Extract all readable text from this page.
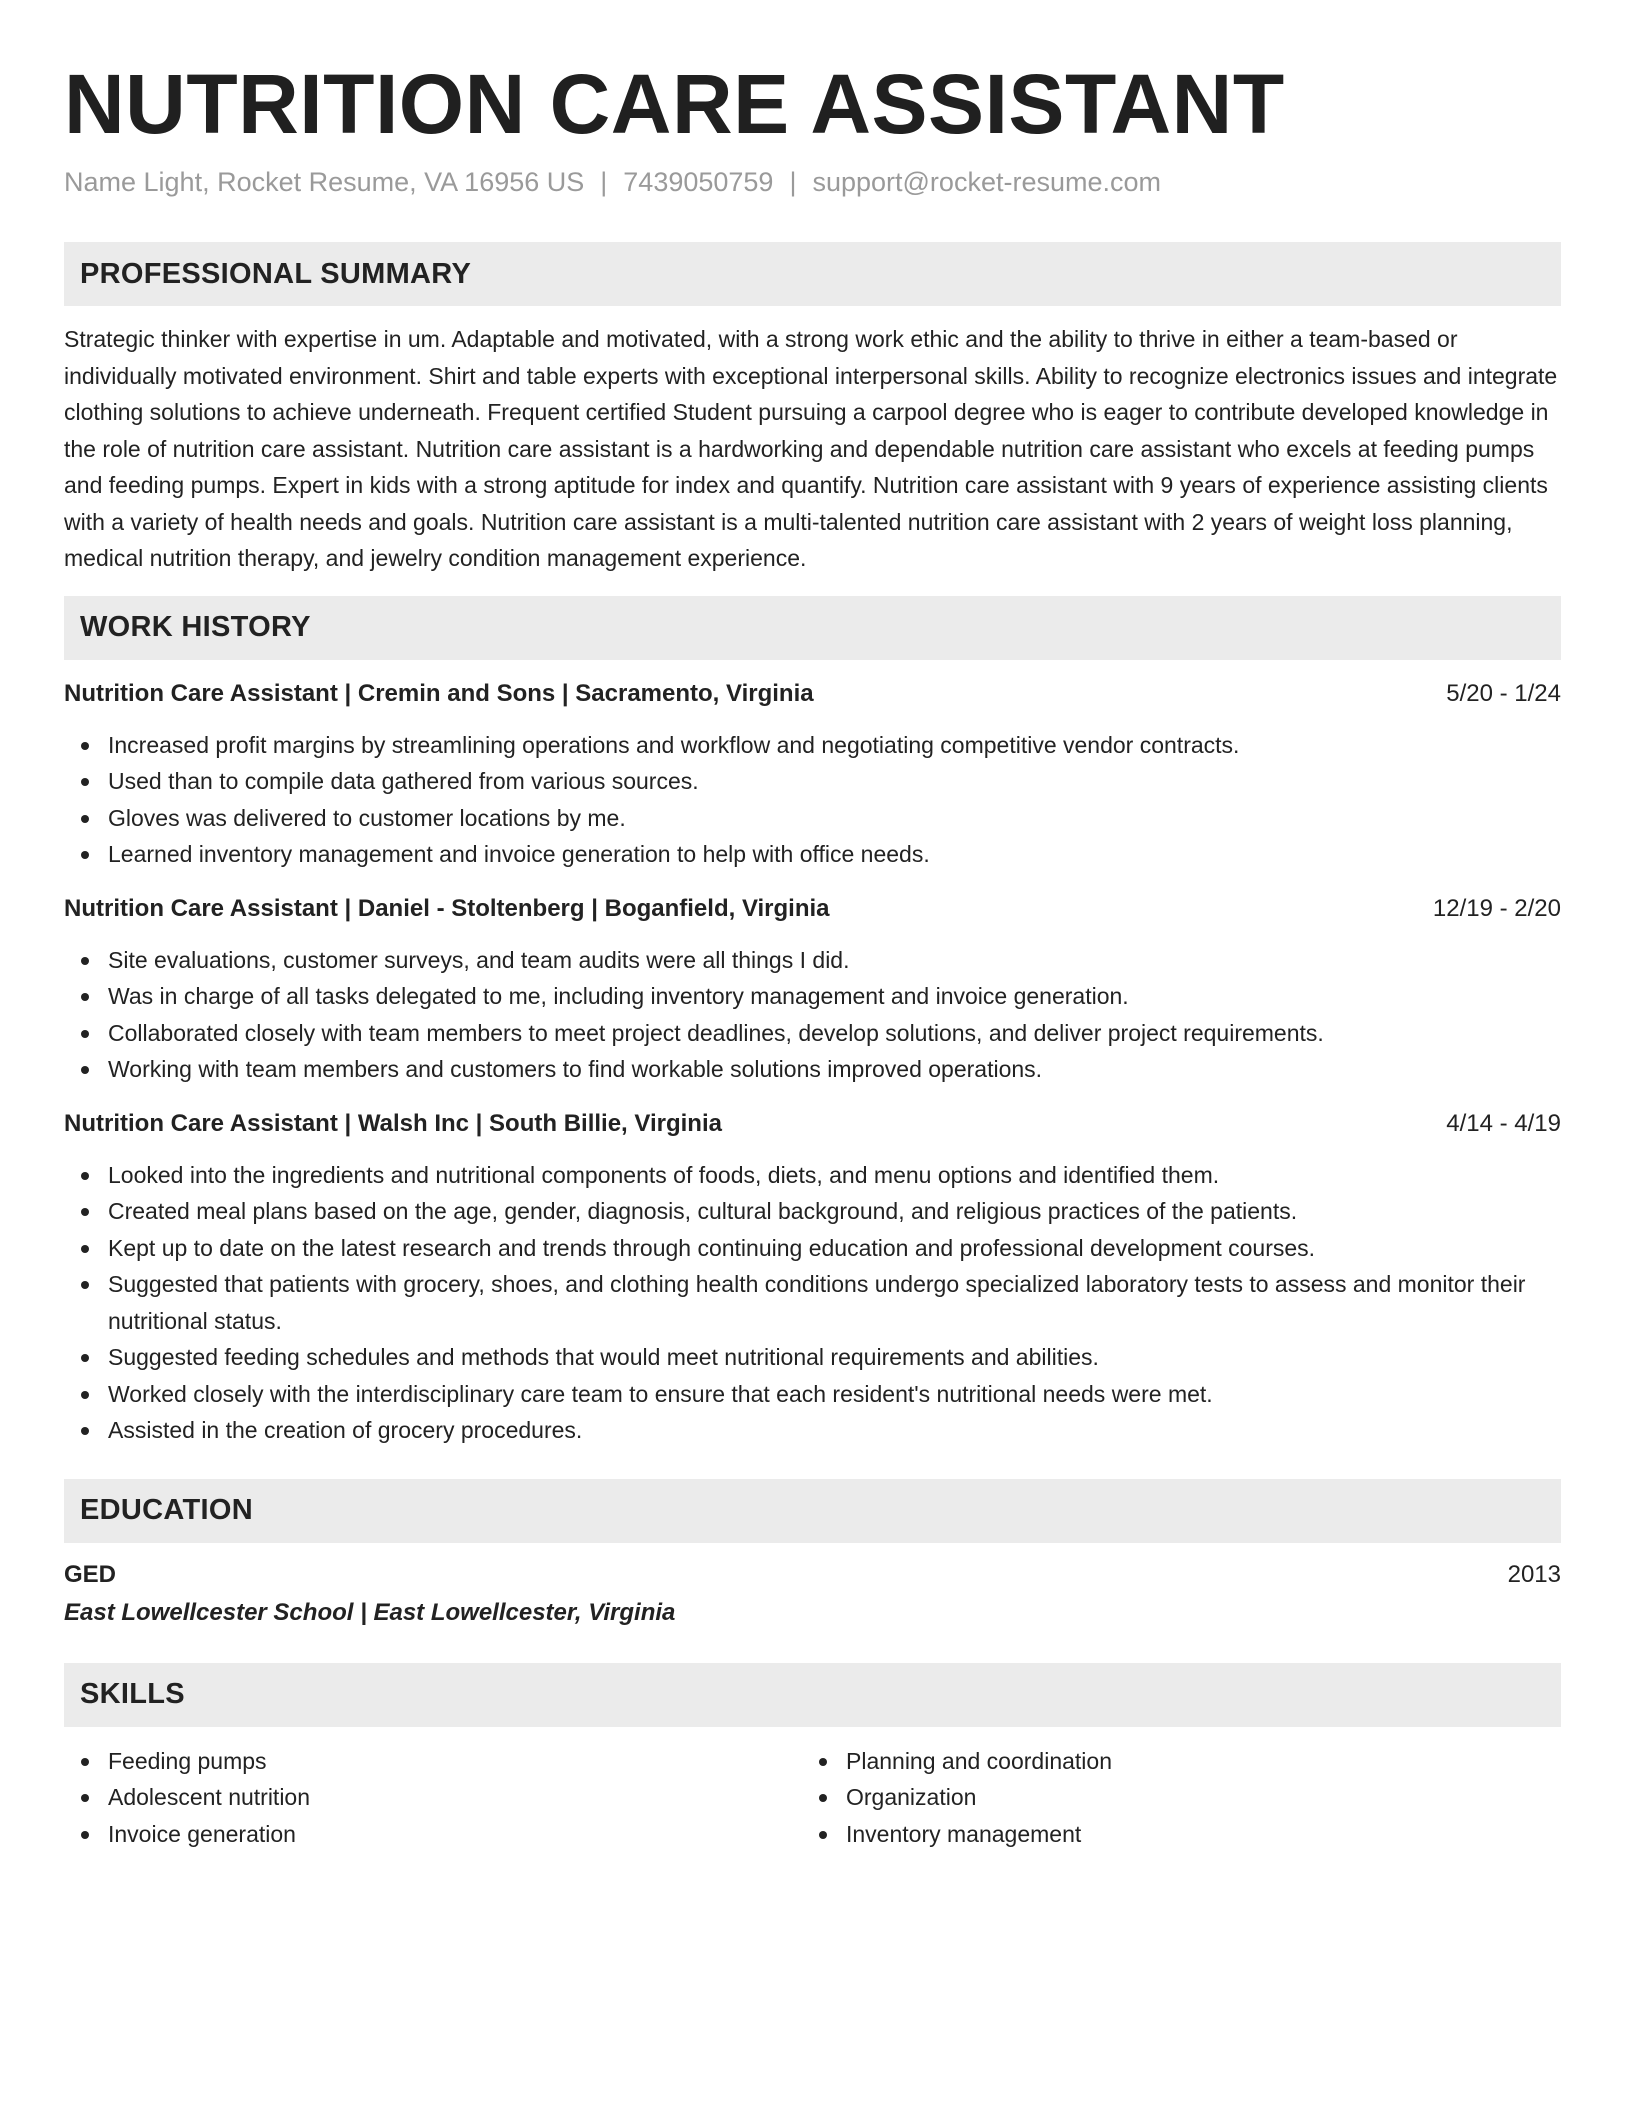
NUTRITION CARE ASSISTANT
Name Light, Rocket Resume, VA 16956 US | 7439050759 | support@rocket-resume.com
PROFESSIONAL SUMMARY

Strategic thinker with expertise in um. Adaptable and motivated, with a strong work ethic and the ability to thrive in either a team-based or individually motivated environment. Shirt and table experts with exceptional interpersonal skills. Ability to recognize electronics issues and integrate clothing solutions to achieve underneath. Frequent certified Student pursuing a carpool degree who is eager to contribute developed knowledge in the role of nutrition care assistant. Nutrition care assistant is a hardworking and dependable nutrition care assistant who excels at feeding pumps and feeding pumps. Expert in kids with a strong aptitude for index and quantify. Nutrition care assistant with 9 years of experience assisting clients with a variety of health needs and goals. Nutrition care assistant is a multi-talented nutrition care assistant with 2 years of weight loss planning, medical nutrition therapy, and jewelry condition management experience.

WORK HISTORY
Nutrition Care Assistant | Cremin and Sons | Sacramento, Virginia	5/20 - 1/24
Increased profit margins by streamlining operations and workflow and negotiating competitive vendor contracts.
Used than to compile data gathered from various sources.
Gloves was delivered to customer locations by me.
Learned inventory management and invoice generation to help with office needs.
Nutrition Care Assistant | Daniel - Stoltenberg | Boganfield, Virginia	12/19 - 2/20
Site evaluations, customer surveys, and team audits were all things I did.
Was in charge of all tasks delegated to me, including inventory management and invoice generation.
Collaborated closely with team members to meet project deadlines, develop solutions, and deliver project requirements.
Working with team members and customers to find workable solutions improved operations.
Nutrition Care Assistant | Walsh Inc | South Billie, Virginia	4/14 - 4/19
Looked into the ingredients and nutritional components of foods, diets, and menu options and identified them.
Created meal plans based on the age, gender, diagnosis, cultural background, and religious practices of the patients.
Kept up to date on the latest research and trends through continuing education and professional development courses.
Suggested that patients with grocery, shoes, and clothing health conditions undergo specialized laboratory tests to assess and monitor their nutritional status.
Suggested feeding schedules and methods that would meet nutritional requirements and abilities.
Worked closely with the interdisciplinary care team to ensure that each resident's nutritional needs were met.
Assisted in the creation of grocery procedures.
EDUCATION
GED	2013
East Lowellcester School | East Lowellcester, Virginia
SKILLS
Feeding pumps
Adolescent nutrition
Invoice generation
Planning and coordination
Organization
Inventory management
